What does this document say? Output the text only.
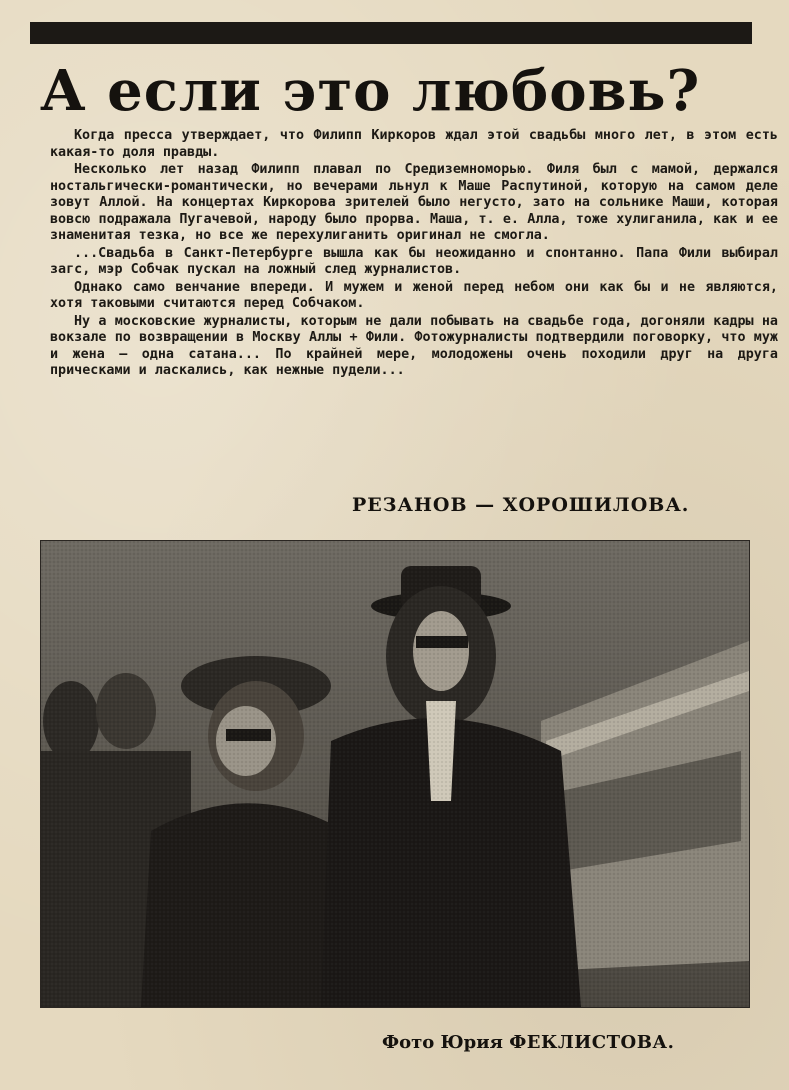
А если это любовь?

Когда пресса утверждает, что Филипп Киркоров ждал этой свадьбы много лет, в этом есть какая-то доля правды.

Несколько лет назад Филипп плавал по Средиземноморью. Филя был с мамой, держался ностальгически-романтически, но вечерами льнул к Маше Распутиной, которую на самом деле зовут Аллой. На концертах Киркорова зрителей было негусто, зато на сольнике Маши, которая вовсю подражала Пугачевой, народу было прорва. Маша, т. е. Алла, тоже хулиганила, как и ее знаменитая тезка, но все же перехулиганить оригинал не смогла.

...Свадьба в Санкт-Петербурге вышла как бы неожиданно и спонтанно. Папа Фили выбирал загс, мэр Собчак пускал на ложный след журналистов.

Однако само венчание впереди. И мужем и женой перед небом они как бы и не являются, хотя таковыми считаются перед Собчаком.

Ну а московские журналисты, которым не дали побывать на свадьбе года, догоняли кадры на вокзале по возвращении в Москву Аллы + Фили. Фотожурналисты подтвердили поговорку, что муж и жена — одна сатана... По крайней мере, молодожены очень походили друг на друга прическами и ласкались, как нежные пудели...

РЕЗАНОВ — ХОРОШИЛОВА.
Фото Юрия ФЕКЛИСТОВА.
